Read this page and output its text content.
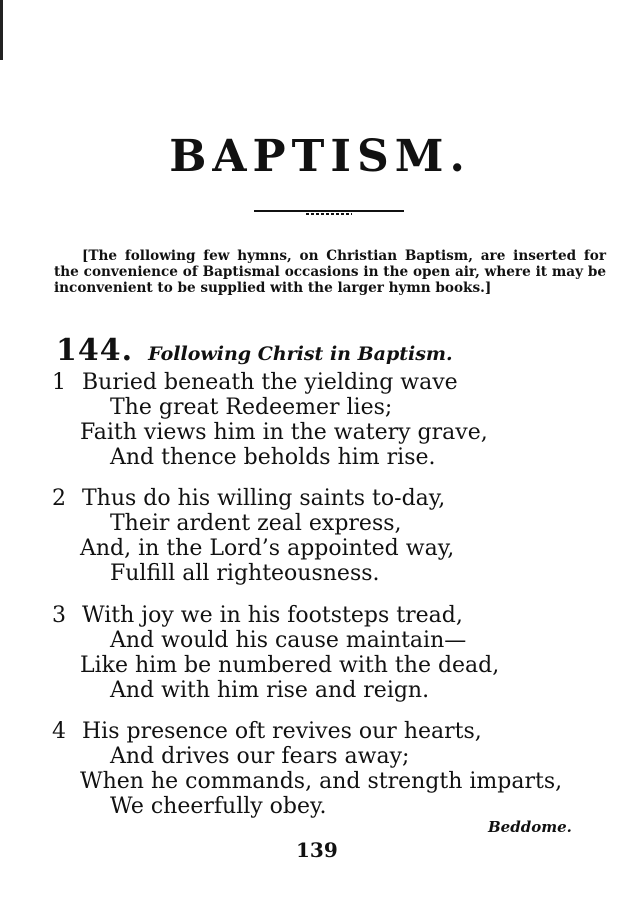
BAPTISM.
[The following few hymns, on Christian Baptism, are inserted for the convenience of Baptismal occasions in the open air, where it may be inconvenient to be supplied with the larger hymn books.]
144. Following Christ in Baptism.
1 Buried beneath the yielding wave
The great Redeemer lies;
Faith views him in the watery grave,
And thence beholds him rise.
2 Thus do his willing saints to-day,
Their ardent zeal express,
And, in the Lord’s appointed way,
Fulfill all righteousness.
3 With joy we in his footsteps tread,
And would his cause maintain—
Like him be numbered with the dead,
And with him rise and reign.
4 His presence oft revives our hearts,
And drives our fears away;
When he commands, and strength imparts,
We cheerfully obey.
Beddome.
139
